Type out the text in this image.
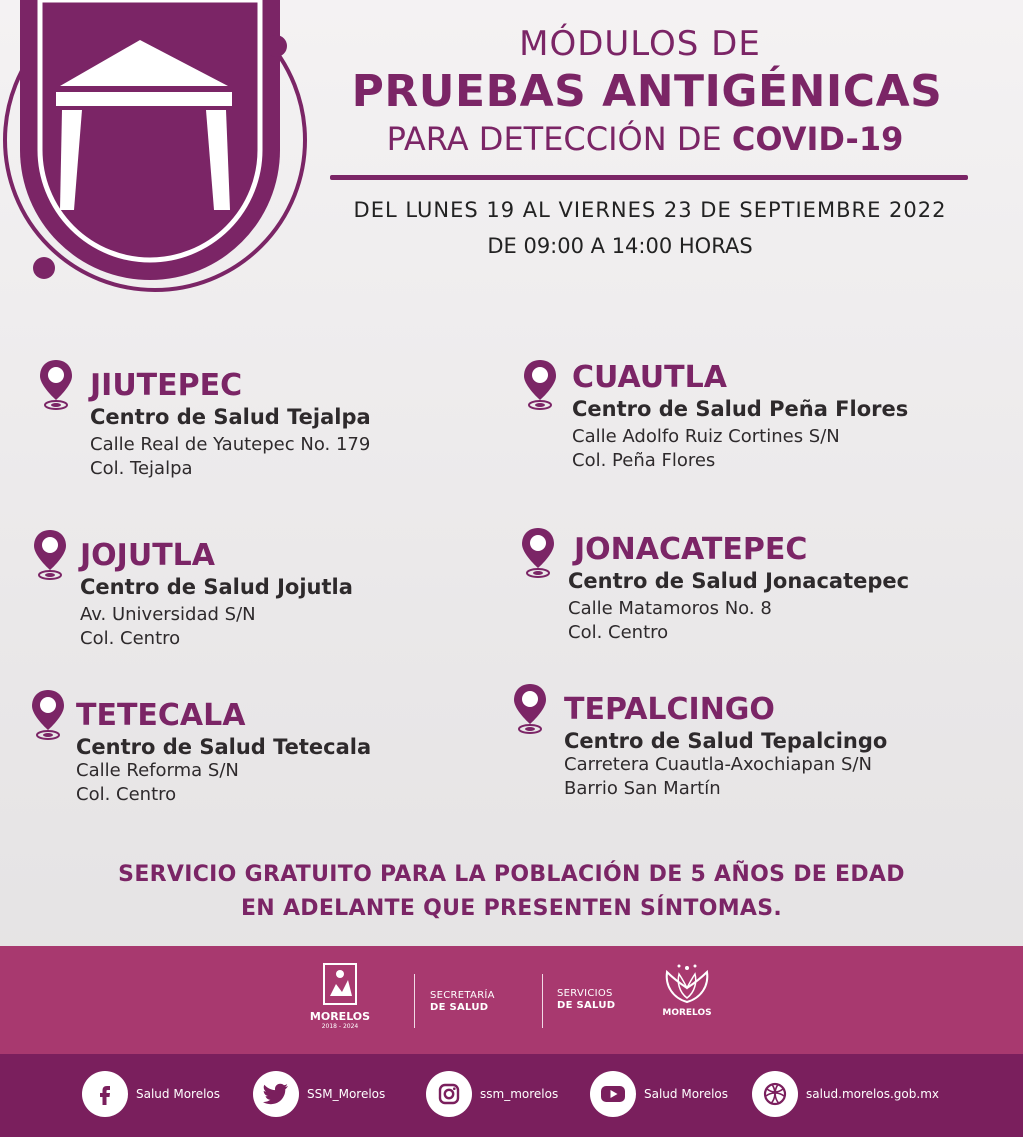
MÓDULOS DE
PRUEBAS ANTIGÉNICAS
PARA DETECCIÓN DE COVID-19
DEL LUNES 19 AL VIERNES 23 DE SEPTIEMBRE 2022
DE 09:00 A 14:00 HORAS
JIUTEPEC
Centro de Salud Tejalpa
Calle Real de Yautepec No. 179
Col. Tejalpa
CUAUTLA
Centro de Salud Peña Flores
Calle Adolfo Ruiz Cortines S/N
Col. Peña Flores
JOJUTLA
Centro de Salud Jojutla
Av. Universidad S/N
Col. Centro
JONACATEPEC
Centro de Salud Jonacatepec
Calle Matamoros No. 8
Col. Centro
TETECALA
Centro de Salud Tetecala
Calle Reforma S/N
Col. Centro
TEPALCINGO
Centro de Salud Tepalcingo
Carretera Cuautla-Axochiapan S/N
Barrio San Martín
SERVICIO GRATUITO PARA LA POBLACIÓN DE 5 AÑOS DE EDAD
EN ADELANTE QUE PRESENTEN SÍNTOMAS.
MORELOS
2018 - 2024
SECRETARÍA
DE SALUD
SERVICIOS
DE SALUD
MORELOS
Salud Morelos	SSM_Morelos	ssm_morelos	Salud Morelos	salud.morelos.gob.mx
